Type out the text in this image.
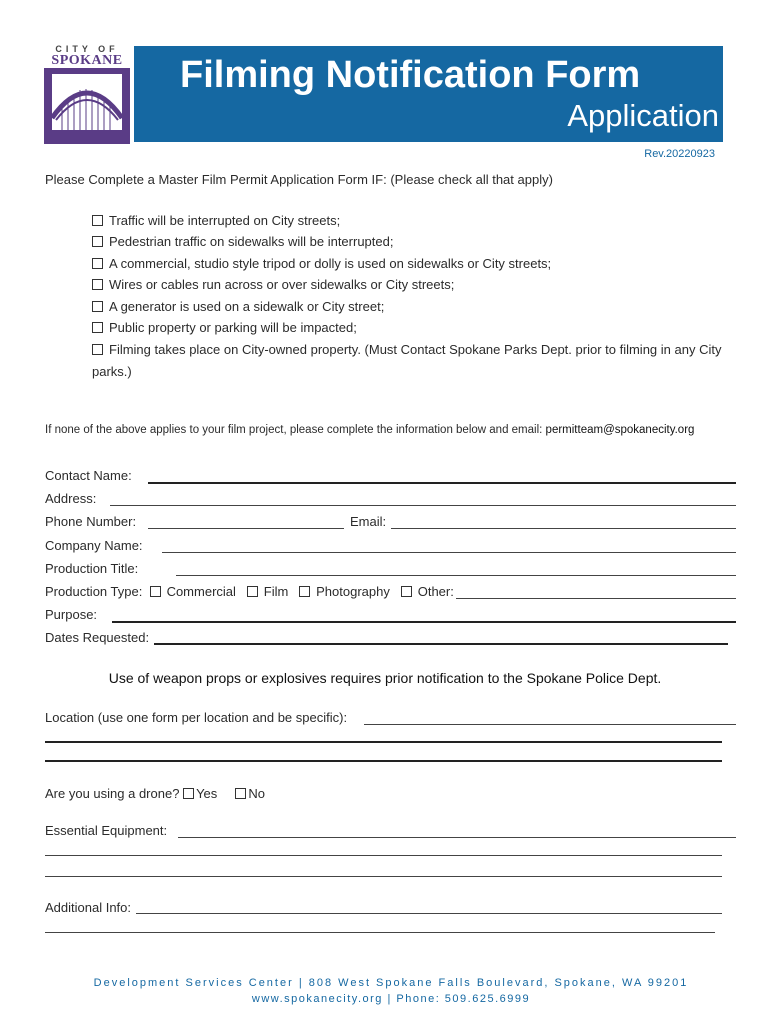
CITY OF
SPOKANE Filming Notification Form
Application
Rev.20220923
Please Complete a Master Film Permit Application Form IF: (Please check all that apply)
Traffic will be interrupted on City streets;
Pedestrian traffic on sidewalks will be interrupted;
A commercial, studio style tripod or dolly is used on sidewalks or City streets;
Wires or cables run across or over sidewalks or City streets;
A generator is used on a sidewalk or City street;
Public property or parking will be impacted;
Filming takes place on City-owned property. (Must Contact Spokane Parks Dept. prior to filming in any City
parks.)
If none of the above applies to your film project, please complete the information below and email: permitteam@spokanecity.org
Contact Name:
Address:
Phone Number:	Email:
Company Name:
Production Title:
Production Type: Commercial Film Photography Other:
Purpose:
Dates Requested:
Use of weapon props or explosives requires prior notification to the Spokane Police Dept.
Location (use one form per location and be specific):
Are you using a drone? Yes No
Essential Equipment:
Additional Info:
Development Services Center | 808 West Spokane Falls Boulevard, Spokane, WA 99201
www.spokanecity.org | Phone: 509.625.6999
